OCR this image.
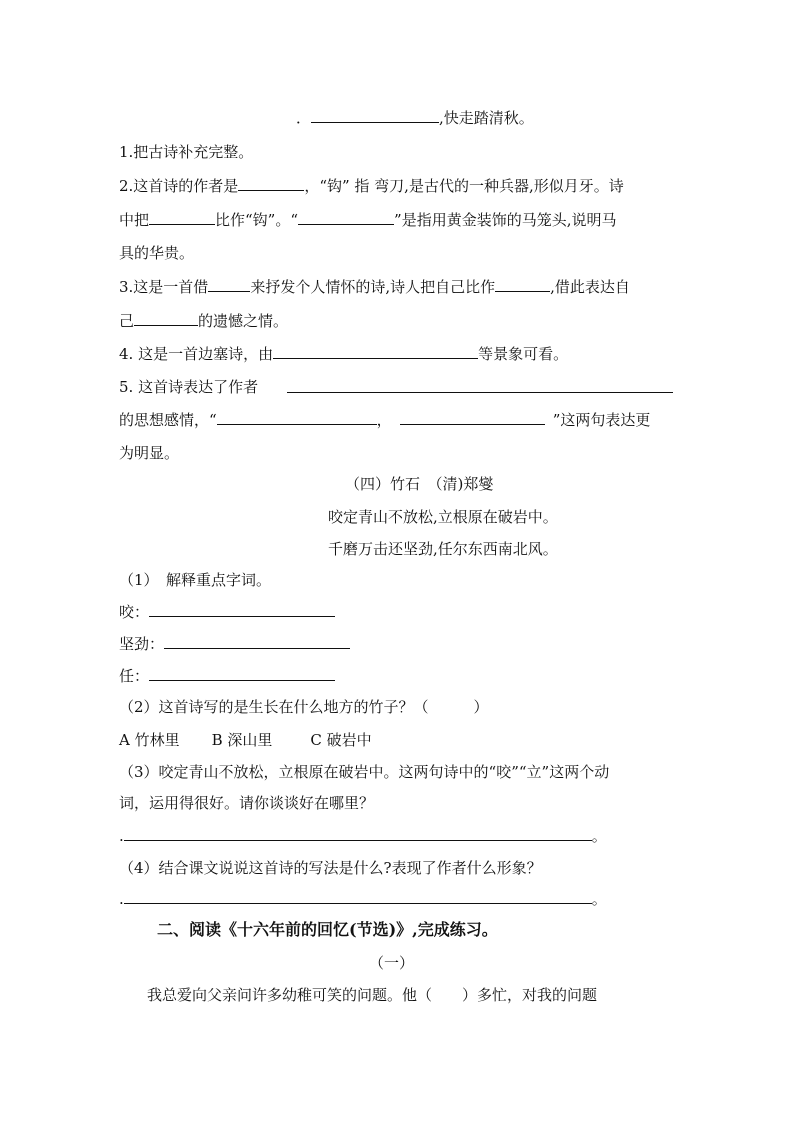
．	,快走踏清秋。
1.把古诗补充完整。
2.这首诗的作者是	，“钩” 指 弯刀,是古代的一种兵器,形似月牙。诗
中把	比作“钩”。“	”是指用黄金装饰的马笼头,说明马
具的华贵。
3.这是一首借	来抒发个人情怀的诗,诗人把自己比作	,借此表达自
己	的遗憾之情。
4. 这是一首边塞诗，由	等景象可看。
5. 这首诗表达了作者
的思想感情，“	，	”这两句表达更
为明显。
（四）竹石　（清)郑燮
咬定青山不放松,立根原在破岩中。
千磨万击还坚劲,任尔东西南北风。
（1）　解释重点字词。
咬：
坚劲：
任：
（2）这首诗写的是生长在什么地方的竹子？（　　　）
A 竹林里 B 深山里	C 破岩中
（3）咬定青山不放松，立根原在破岩中。这两句诗中的“咬”“立”这两个动
词，运用得很好。请你谈谈好在哪里？
.	。
（4）结合课文说说这首诗的写法是什么?表现了作者什么形象？
.	。
二、阅读《十六年前的回忆(节选)》,完成练习。
（一）
我总爱向父亲问许多幼稚可笑的问题。他（　　）多忙，对我的问题
